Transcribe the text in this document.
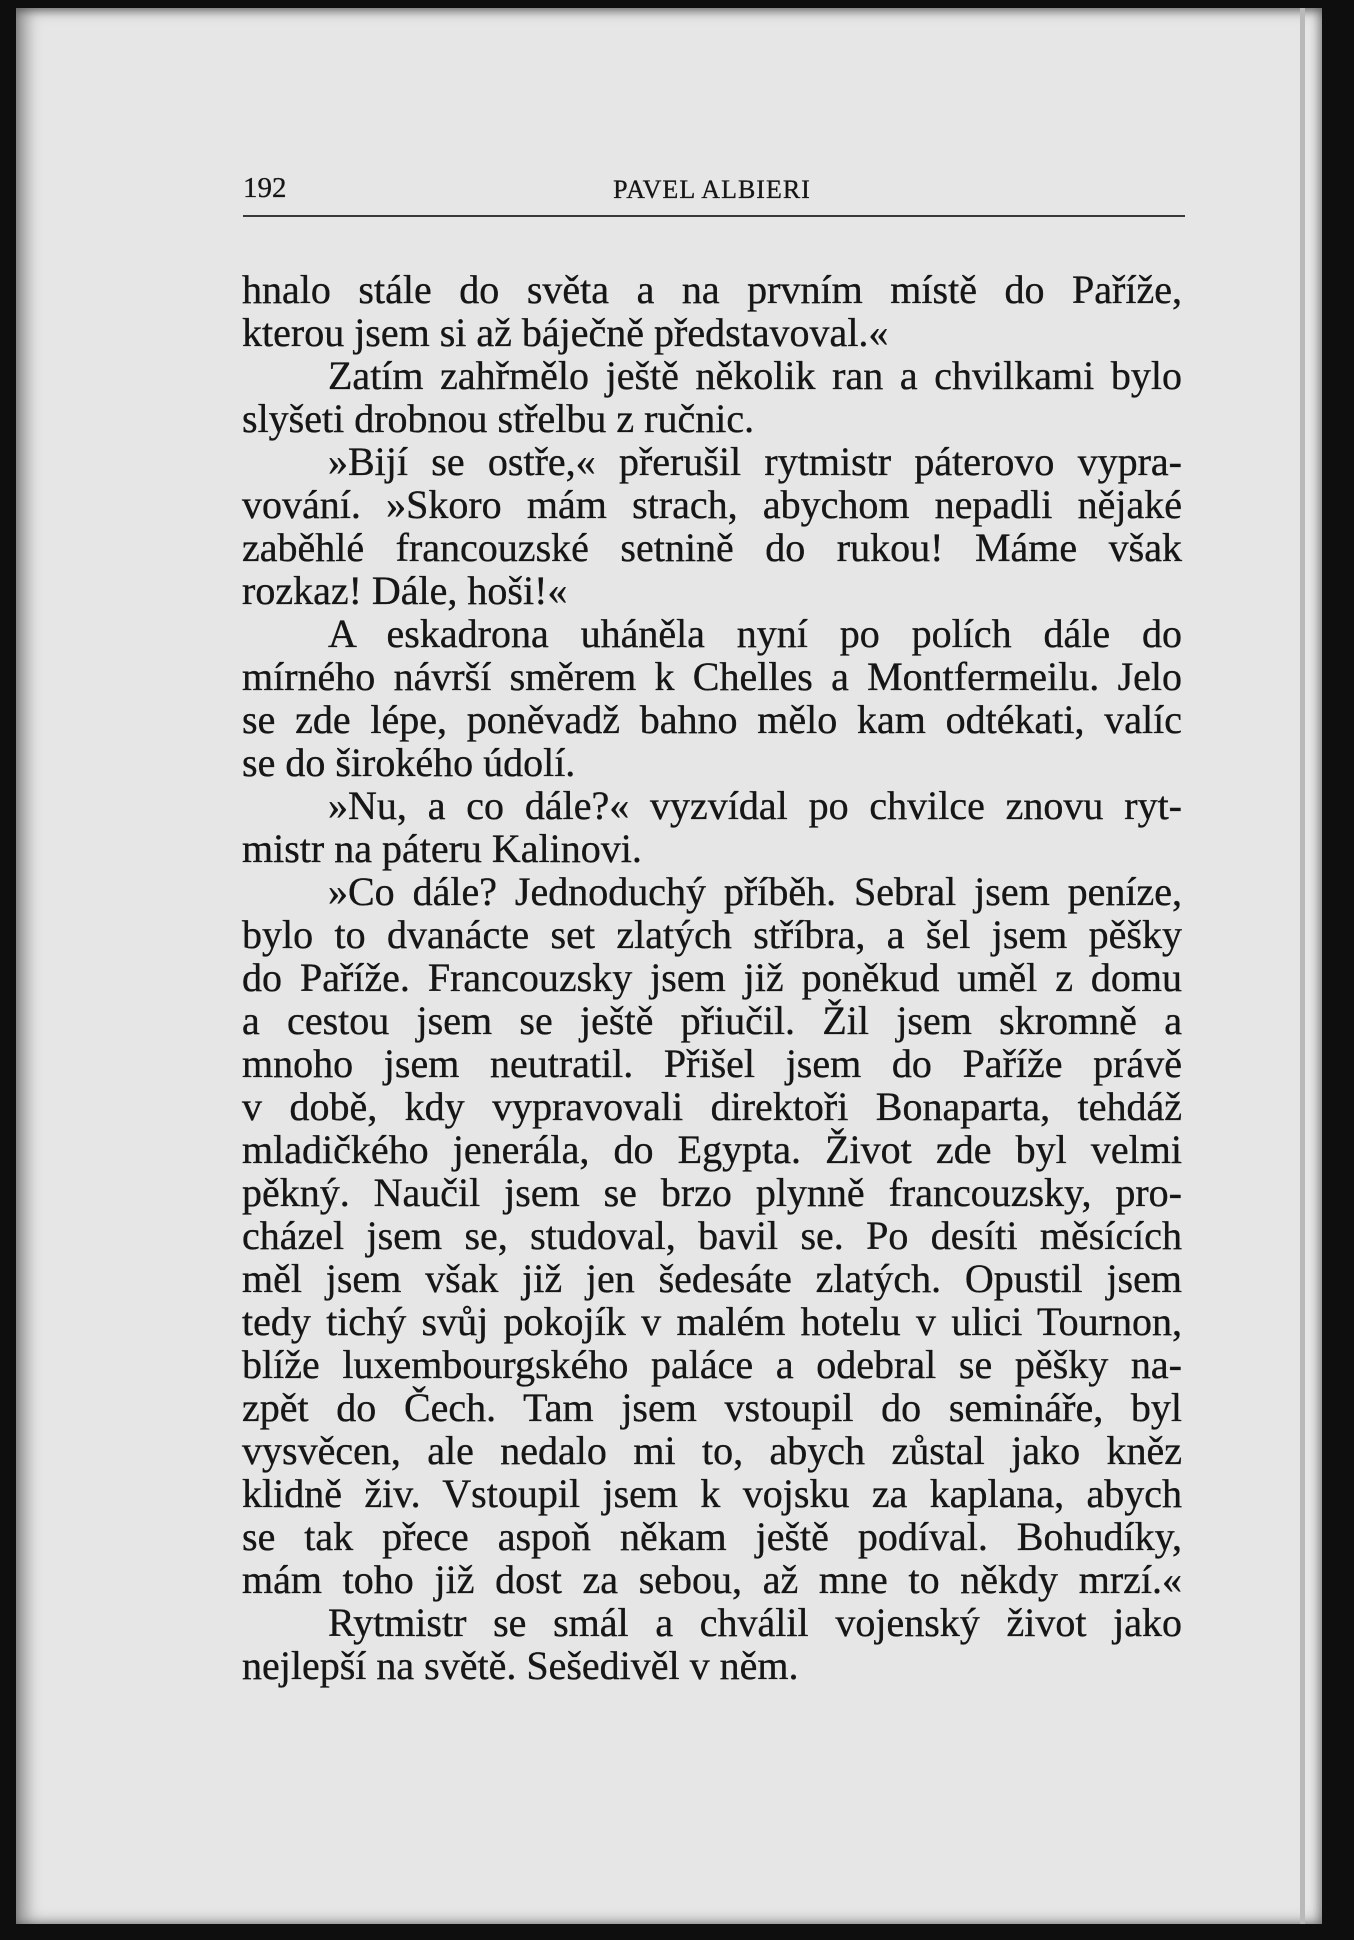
192	PAVEL ALBIERI
hnalo stále do světa a na prvním místě do Paříže,
kterou jsem si až báječně představoval.«
Zatím zahřmělo ještě několik ran a chvilkami bylo
slyšeti drobnou střelbu z ručnic.
»Bijí se ostře,« přerušil rytmistr páterovo vypra-
vování. »Skoro mám strach, abychom nepadli nějaké
zaběhlé francouzské setnině do rukou! Máme však
rozkaz! Dále, hoši!«
A eskadrona uháněla nyní po polích dále do
mírného návrší směrem k Chelles a Montfermeilu. Jelo
se zde lépe, poněvadž bahno mělo kam odtékati, valíc
se do širokého údolí.
»Nu, a co dále?« vyzvídal po chvilce znovu ryt-
mistr na páteru Kalinovi.
»Co dále? Jednoduchý příběh. Sebral jsem peníze,
bylo to dvanácte set zlatých stříbra, a šel jsem pěšky
do Paříže. Francouzsky jsem již poněkud uměl z domu
a cestou jsem se ještě přiučil. Žil jsem skromně a
mnoho jsem neutratil. Přišel jsem do Paříže právě
v době, kdy vypravovali direktoři Bonaparta, tehdáž
mladičkého jenerála, do Egypta. Život zde byl velmi
pěkný. Naučil jsem se brzo plynně francouzsky, pro-
cházel jsem se, studoval, bavil se. Po desíti měsících
měl jsem však již jen šedesáte zlatých. Opustil jsem
tedy tichý svůj pokojík v malém hotelu v ulici Tournon,
blíže luxembourgského paláce a odebral se pěšky na-
zpět do Čech. Tam jsem vstoupil do semináře, byl
vysvěcen, ale nedalo mi to, abych zůstal jako kněz
klidně živ. Vstoupil jsem k vojsku za kaplana, abych
se tak přece aspoň někam ještě podíval. Bohudíky,
mám toho již dost za sebou, až mne to někdy mrzí.«
Rytmistr se smál a chválil vojenský život jako
nejlepší na světě. Sešedivěl v něm.
